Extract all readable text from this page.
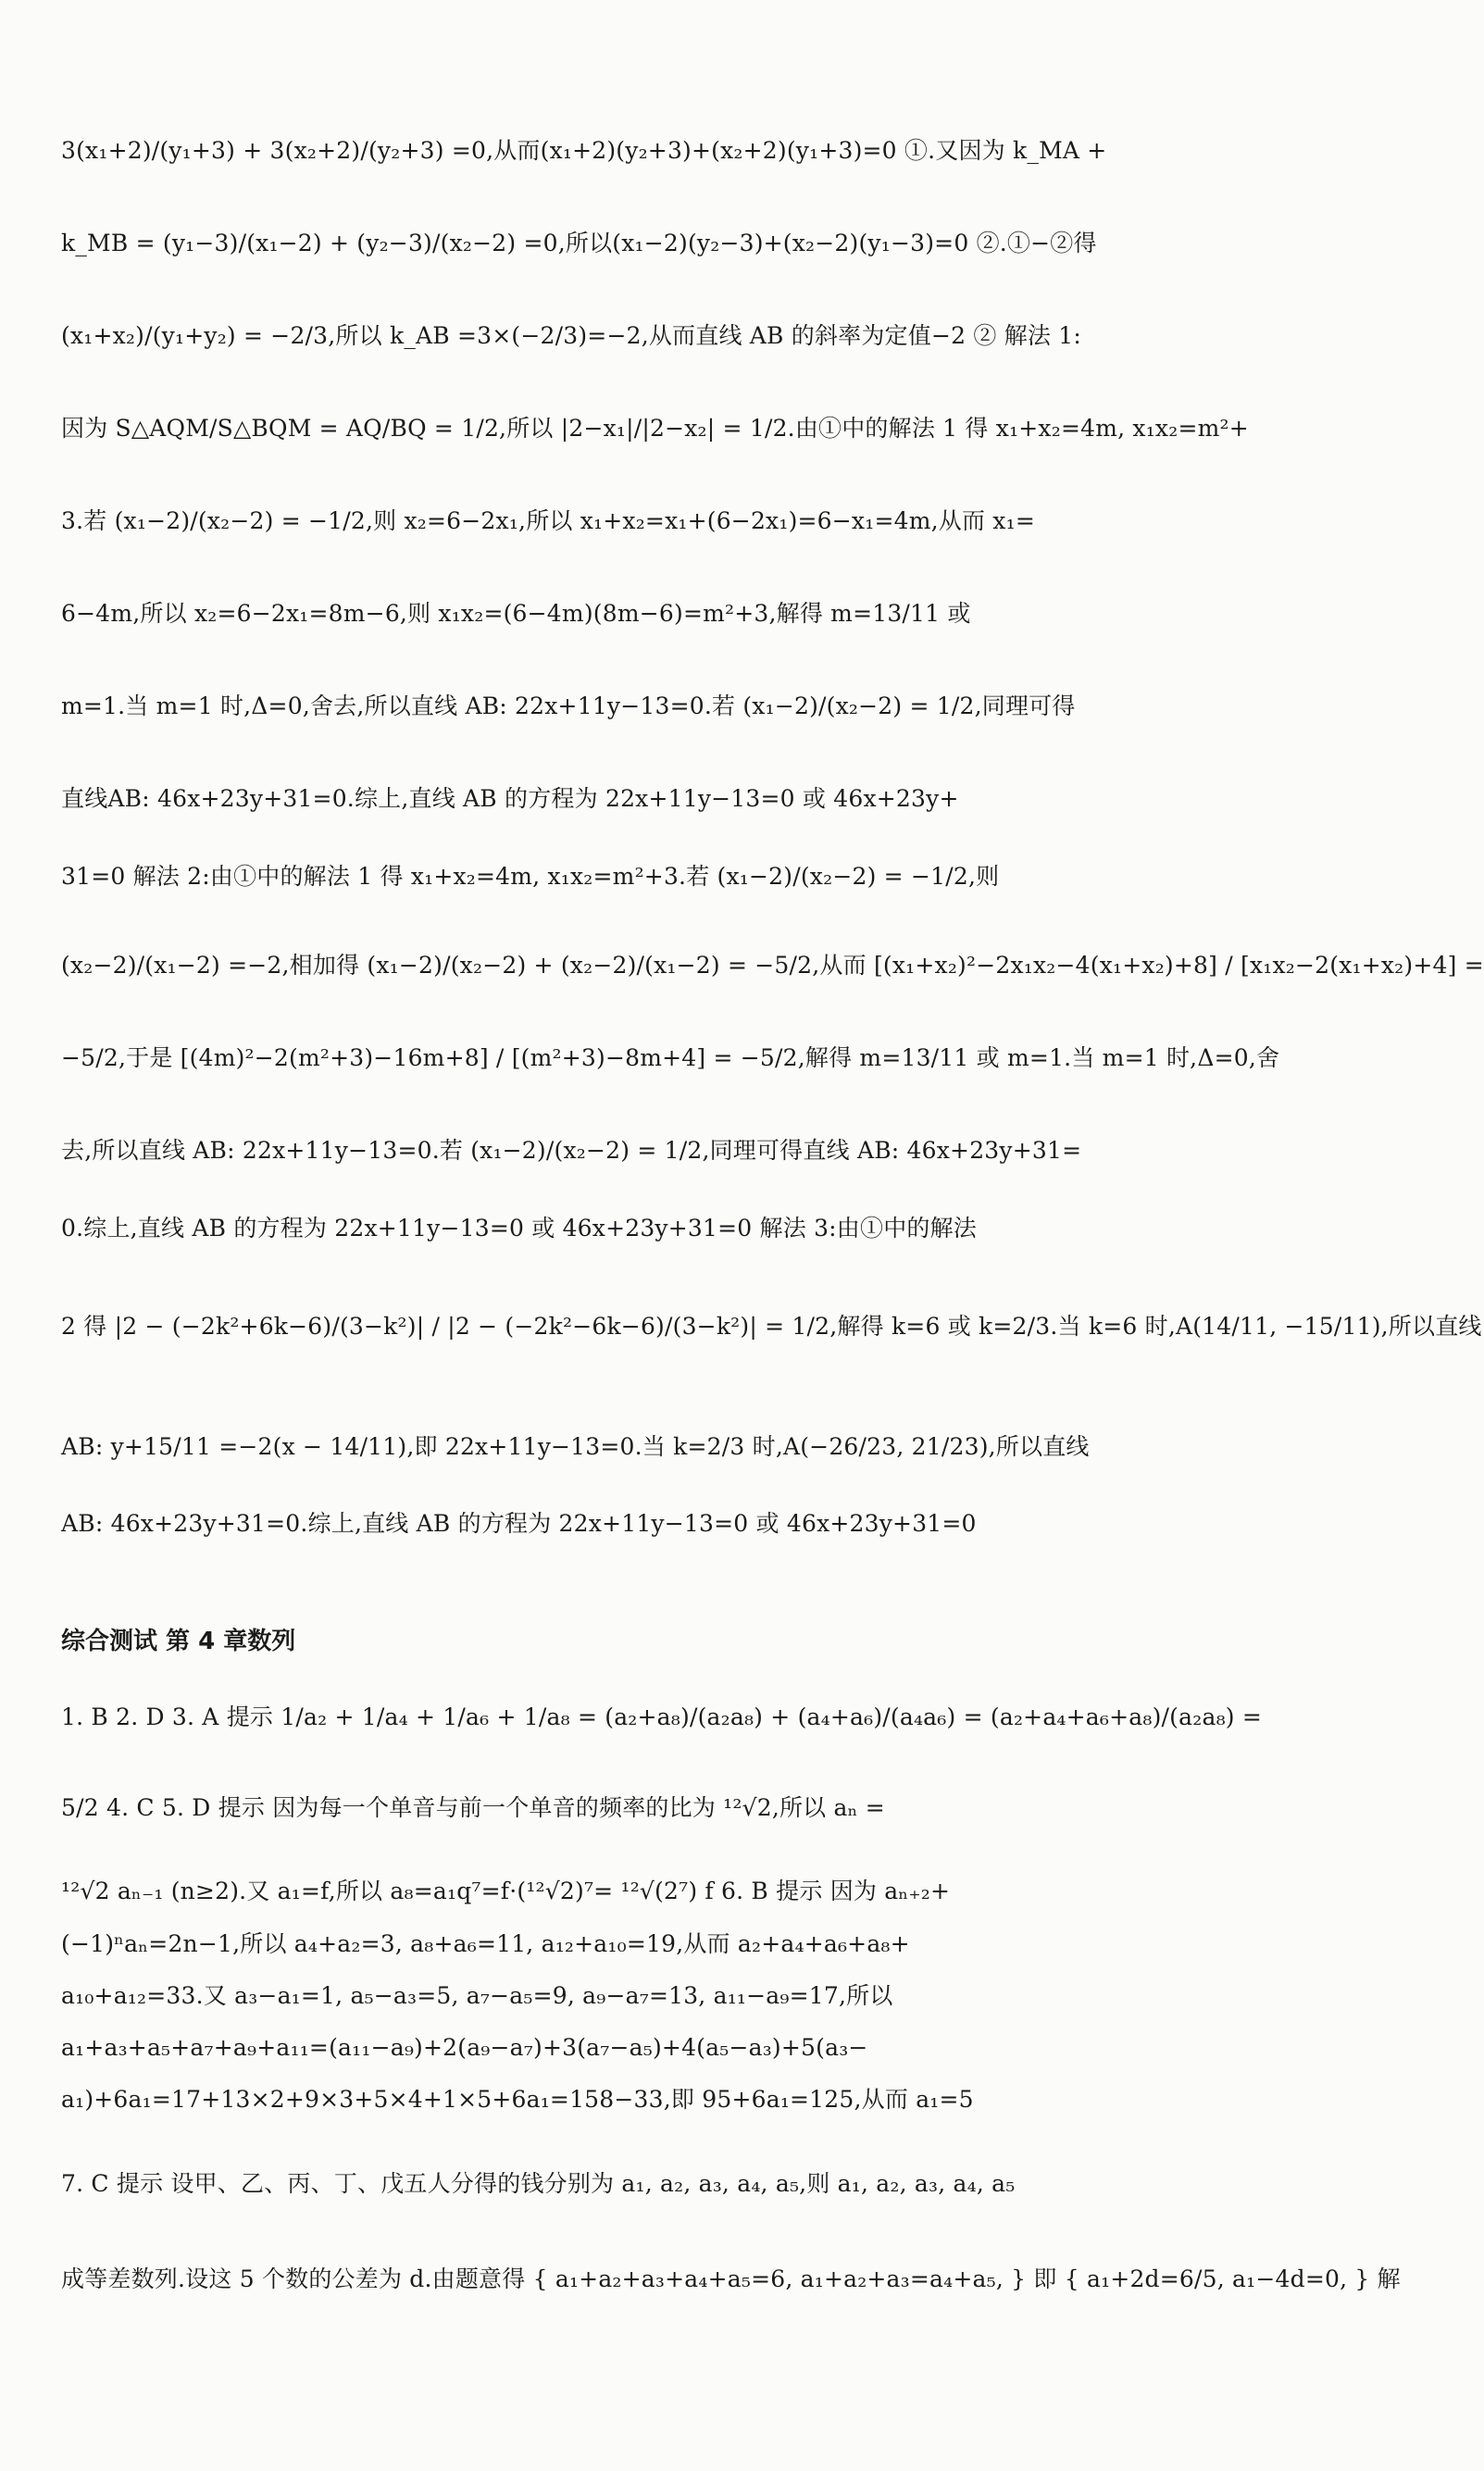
3(x₁+2)/(y₁+3) + 3(x₂+2)/(y₂+3) =0,从而(x₁+2)(y₂+3)+(x₂+2)(y₁+3)=0 ①.又因为 k_MA +
k_MB = (y₁−3)/(x₁−2) + (y₂−3)/(x₂−2) =0,所以(x₁−2)(y₂−3)+(x₂−2)(y₁−3)=0 ②.①−②得
(x₁+x₂)/(y₁+y₂) = −2/3,所以 k_AB =3×(−2/3)=−2,从而直线 AB 的斜率为定值−2 ② 解法 1:
因为 S△AQM/S△BQM = AQ/BQ = 1/2,所以 |2−x₁|/|2−x₂| = 1/2.由①中的解法 1 得 x₁+x₂=4m, x₁x₂=m²+
3.若 (x₁−2)/(x₂−2) = −1/2,则 x₂=6−2x₁,所以 x₁+x₂=x₁+(6−2x₁)=6−x₁=4m,从而 x₁=
6−4m,所以 x₂=6−2x₁=8m−6,则 x₁x₂=(6−4m)(8m−6)=m²+3,解得 m=13/11 或
m=1.当 m=1 时,Δ=0,舍去,所以直线 AB: 22x+11y−13=0.若 (x₁−2)/(x₂−2) = 1/2,同理可得
直线AB: 46x+23y+31=0.综上,直线 AB 的方程为 22x+11y−13=0 或 46x+23y+
31=0 解法 2:由①中的解法 1 得 x₁+x₂=4m, x₁x₂=m²+3.若 (x₁−2)/(x₂−2) = −1/2,则
(x₂−2)/(x₁−2) =−2,相加得 (x₁−2)/(x₂−2) + (x₂−2)/(x₁−2) = −5/2,从而 [(x₁+x₂)²−2x₁x₂−4(x₁+x₂)+8] / [x₁x₂−2(x₁+x₂)+4] =
−5/2,于是 [(4m)²−2(m²+3)−16m+8] / [(m²+3)−8m+4] = −5/2,解得 m=13/11 或 m=1.当 m=1 时,Δ=0,舍
去,所以直线 AB: 22x+11y−13=0.若 (x₁−2)/(x₂−2) = 1/2,同理可得直线 AB: 46x+23y+31=
0.综上,直线 AB 的方程为 22x+11y−13=0 或 46x+23y+31=0 解法 3:由①中的解法
2 得 |2 − (−2k²+6k−6)/(3−k²)| / |2 − (−2k²−6k−6)/(3−k²)| = 1/2,解得 k=6 或 k=2/3.当 k=6 时,A(14/11, −15/11),所以直线
AB: y+15/11 =−2(x − 14/11),即 22x+11y−13=0.当 k=2/3 时,A(−26/23, 21/23),所以直线
AB: 46x+23y+31=0.综上,直线 AB 的方程为 22x+11y−13=0 或 46x+23y+31=0
综合测试 第 4 章数列
1. B 2. D 3. A 提示 1/a₂ + 1/a₄ + 1/a₆ + 1/a₈ = (a₂+a₈)/(a₂a₈) + (a₄+a₆)/(a₄a₆) = (a₂+a₄+a₆+a₈)/(a₂a₈) =
5/2 4. C 5. D 提示 因为每一个单音与前一个单音的频率的比为 ¹²√2,所以 aₙ =
¹²√2 aₙ₋₁ (n≥2).又 a₁=f,所以 a₈=a₁q⁷=f·(¹²√2)⁷= ¹²√(2⁷) f 6. B 提示 因为 aₙ₊₂+
(−1)ⁿaₙ=2n−1,所以 a₄+a₂=3, a₈+a₆=11, a₁₂+a₁₀=19,从而 a₂+a₄+a₆+a₈+
a₁₀+a₁₂=33.又 a₃−a₁=1, a₅−a₃=5, a₇−a₅=9, a₉−a₇=13, a₁₁−a₉=17,所以
a₁+a₃+a₅+a₇+a₉+a₁₁=(a₁₁−a₉)+2(a₉−a₇)+3(a₇−a₅)+4(a₅−a₃)+5(a₃−
a₁)+6a₁=17+13×2+9×3+5×4+1×5+6a₁=158−33,即 95+6a₁=125,从而 a₁=5
7. C 提示 设甲、乙、丙、丁、戊五人分得的钱分别为 a₁, a₂, a₃, a₄, a₅,则 a₁, a₂, a₃, a₄, a₅
成等差数列.设这 5 个数的公差为 d.由题意得 { a₁+a₂+a₃+a₄+a₅=6, a₁+a₂+a₃=a₄+a₅, } 即 { a₁+2d=6/5, a₁−4d=0, } 解
